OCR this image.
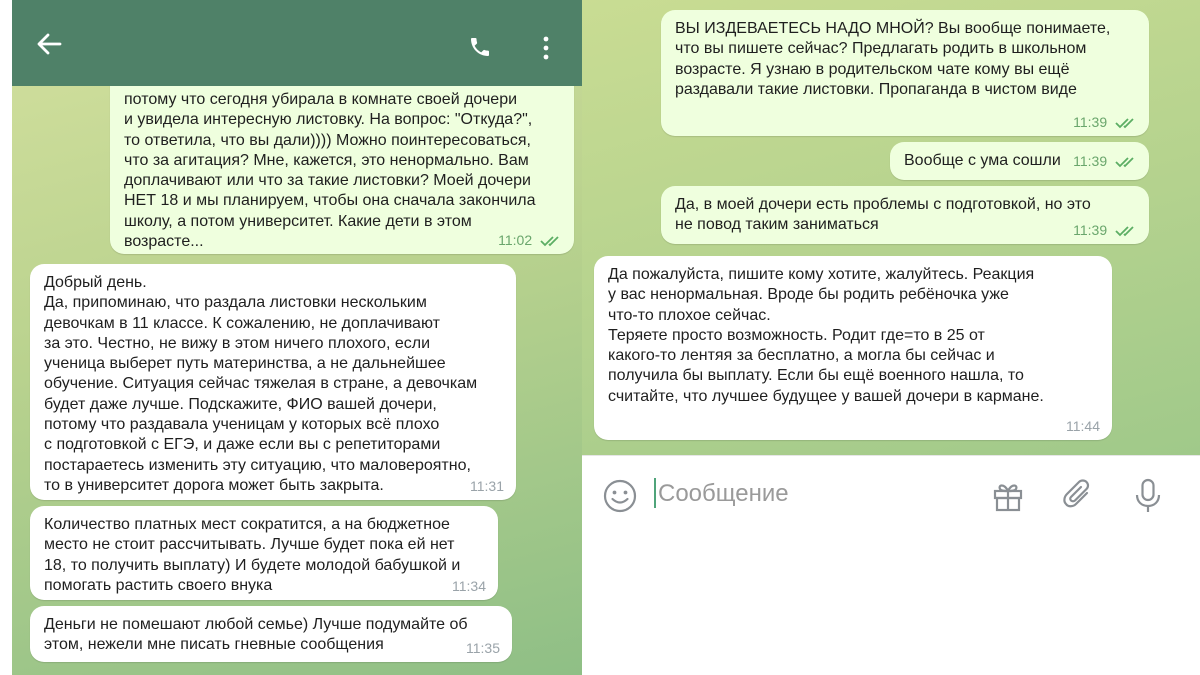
потому что сегодня убирала в комнате своей дочери
и увидела интересную листовку. На вопрос: "Откуда?",
то ответила, что вы дали)))) Можно поинтересоваться,
что за агитация? Мне, кажется, это ненормально. Вам
доплачивают или что за такие листовки? Моей дочери
НЕТ 18 и мы планируем, чтобы она сначала закончила
школу, а потом университет. Какие дети в этом
возрасте...	11:02
Добрый день.
Да, припоминаю, что раздала листовки нескольким
девочкам в 11 классе. К сожалению, не доплачивают
за это. Честно, не вижу в этом ничего плохого, если
ученица выберет путь материнства, а не дальнейшее
обучение. Ситуация сейчас тяжелая в стране, а девочкам
будет даже лучше. Подскажите, ФИО вашей дочери,
потому что раздавала ученицам у которых всё плохо
с подготовкой с ЕГЭ, и даже если вы с репетиторами
постараетесь изменить эту ситуацию, что маловероятно,
то в университет дорога может быть закрыта.	11:31
Количество платных мест сократится, а на бюджетное
место не стоит рассчитывать. Лучше будет пока ей нет
18, то получить выплату) И будете молодой бабушкой и
помогать растить своего внука	11:34
Деньги не помешают любой семье) Лучше подумайте об
этом, нежели мне писать гневные сообщения	11:35
ВЫ ИЗДЕВАЕТЕСЬ НАДО МНОЙ? Вы вообще понимаете,
что вы пишете сейчас? Предлагать родить в школьном
возрасте. Я узнаю в родительском чате кому вы ещё
раздавали такие листовки. Пропаганда в чистом виде
11:39
Вообще с ума сошли 11:39
Да, в моей дочери есть проблемы с подготовкой, но это
не повод таким заниматься	11:39
Да пожалуйста, пишите кому хотите, жалуйтесь. Реакция
у вас ненормальная. Вроде бы родить ребёночка уже
что-то плохое сейчас.
Теряете просто возможность. Родит где=то в 25 от
какого-то лентяя за бесплатно, а могла бы сейчас и
получила бы выплату. Если бы ещё военного нашла, то
считайте, что лучшее будущее у вашей дочери в кармане.
11:44
Сообщение
